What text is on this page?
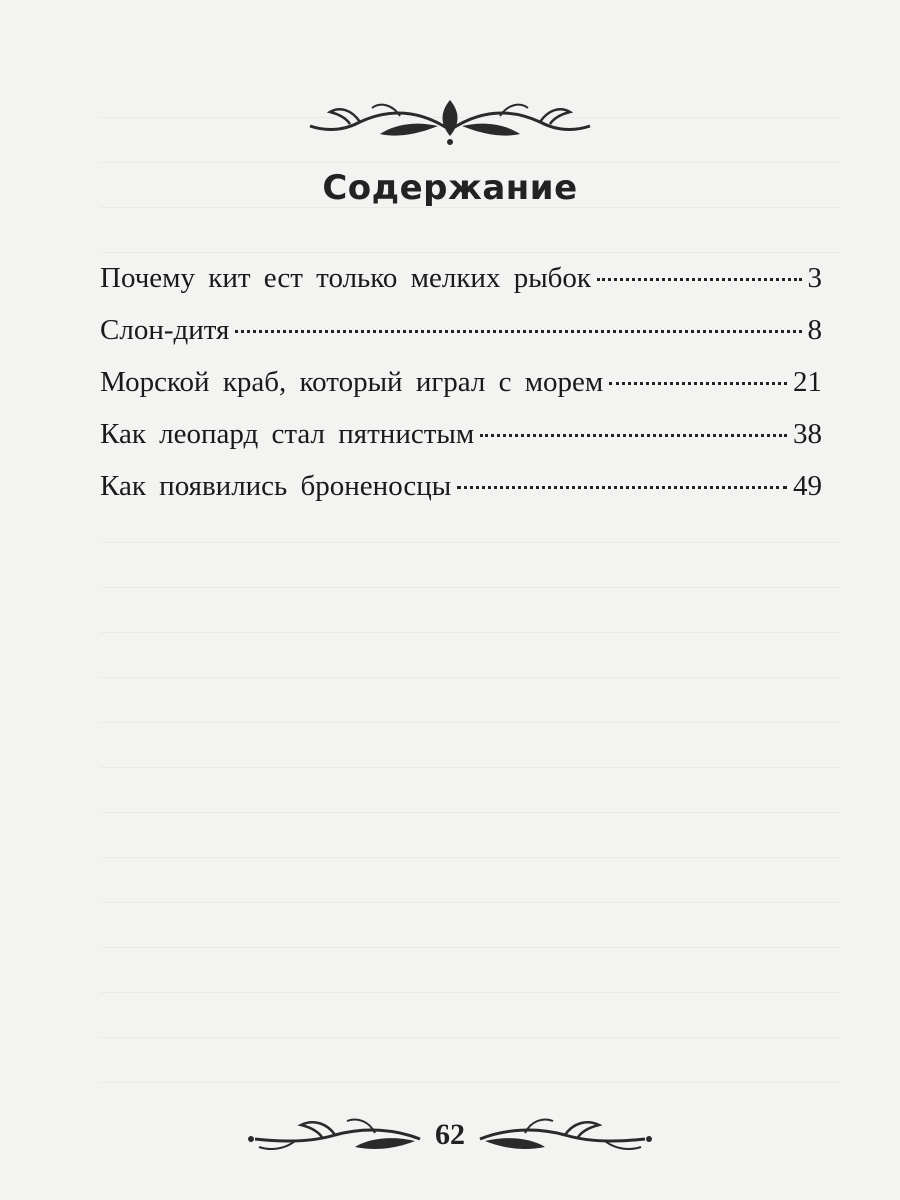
Содержание
Почему кит ест только мелких рыбок	3
Слон-дитя	8
Морской краб, который играл с морем	21
Как леопард стал пятнистым	38
Как появились броненосцы	49
62
